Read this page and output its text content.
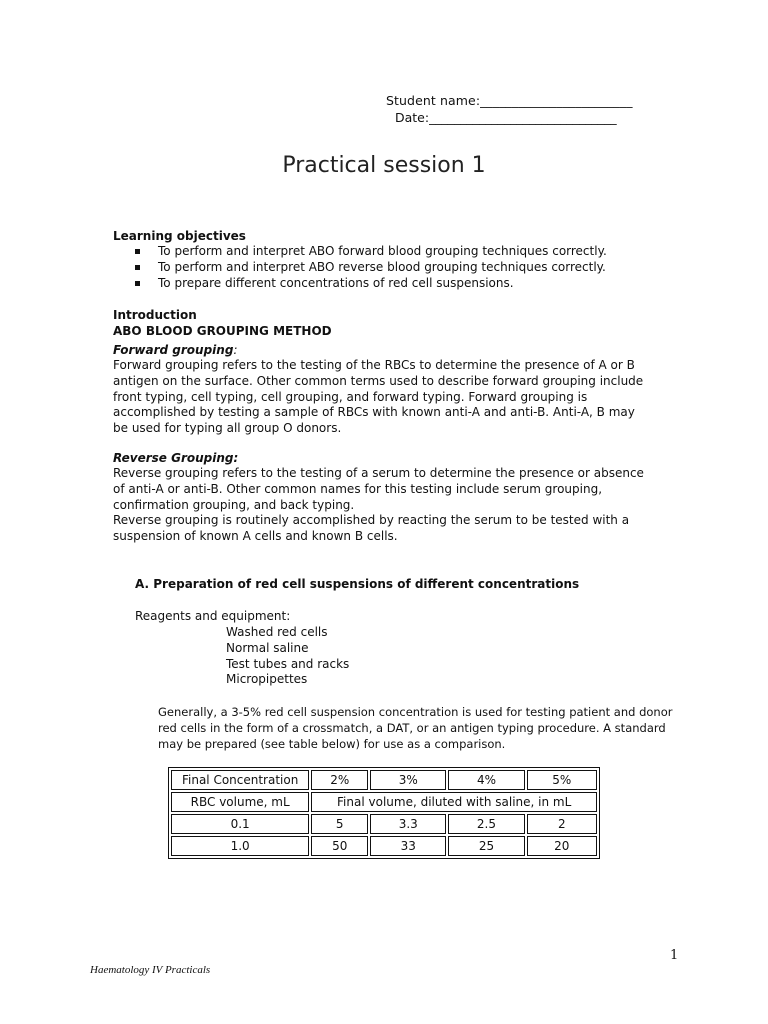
Student name:________________________
Date:______________________________
Practical session 1
Learning objectives
To perform and interpret ABO forward blood grouping techniques correctly.
To perform and interpret ABO reverse blood grouping techniques correctly.
To prepare different concentrations of red cell suspensions.
Introduction
ABO BLOOD GROUPING METHOD
Forward grouping:

Forward grouping refers to the testing of the RBCs to determine the presence of A or B antigen on the surface. Other common terms used to describe forward grouping include front typing, cell typing, cell grouping, and forward typing. Forward grouping is accomplished by testing a sample of RBCs with known anti-A and anti-B. Anti-A, B may be used for typing all group O donors.

Reverse Grouping:

Reverse grouping refers to the testing of a serum to determine the presence or absence of anti-A or anti-B. Other common names for this testing include serum grouping, confirmation grouping, and back typing.

Reverse grouping is routinely accomplished by reacting the serum to be tested with a suspension of known A cells and known B cells.

A. Preparation of red cell suspensions of different concentrations
Reagents and equipment:
Washed red cells
Normal saline
Test tubes and racks
Micropipettes
Generally, a 3-5% red cell suspension concentration is used for testing patient and donor red cells in the form of a crossmatch, a DAT, or an antigen typing procedure. A standard may be prepared (see table below) for use as a comparison.
Final Concentration	2%	3%	4%	5%
RBC volume, mL	Final volume, diluted with saline, in mL			
0.1	5	3.3	2.5	2
1.0	50	33	25	20
1
Haematology IV Practicals
